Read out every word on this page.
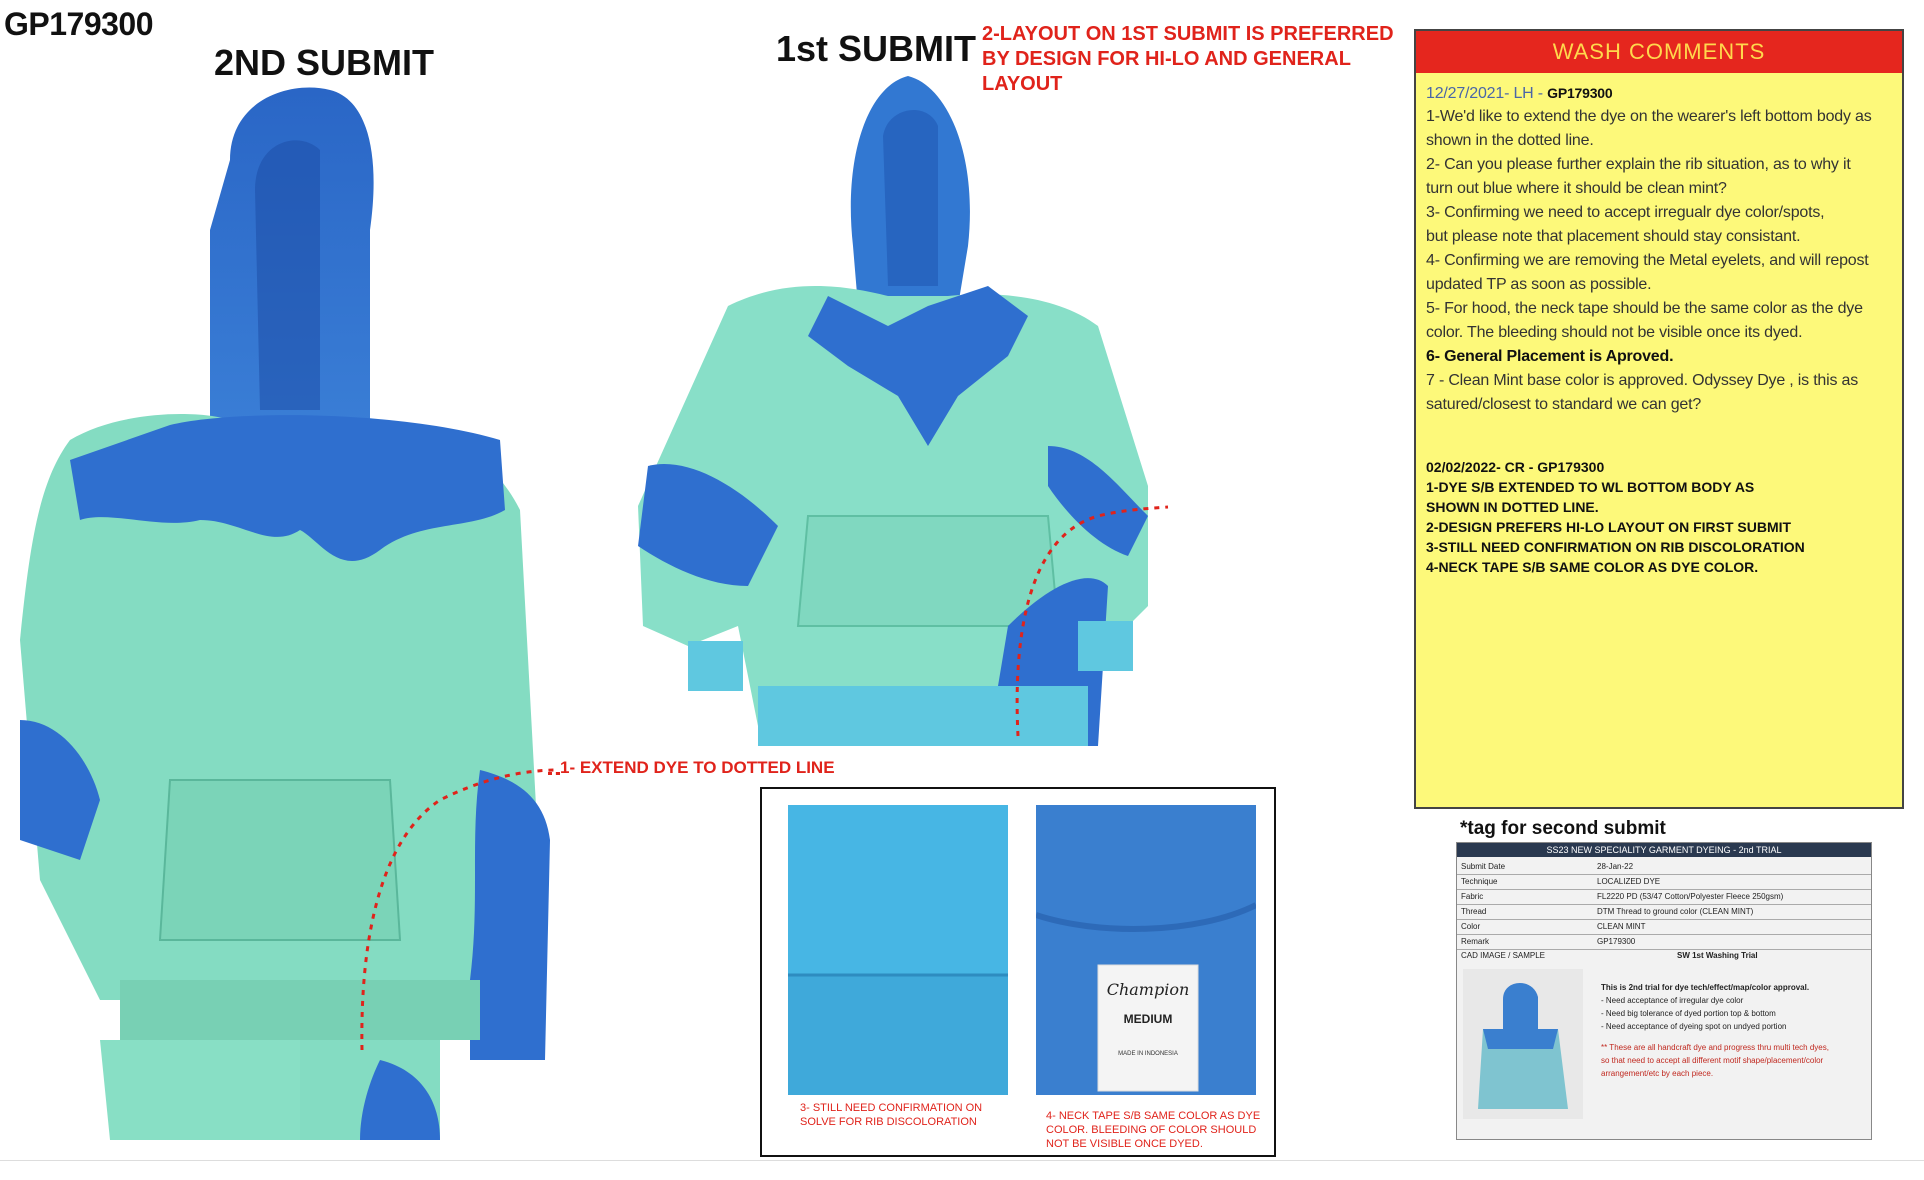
GP179300
2ND SUBMIT	1st SUBMIT 2-LAYOUT ON 1ST SUBMIT IS PREFERRED BY DESIGN FOR HI-LO AND GENERAL LAYOUT
1- EXTEND DYE TO DOTTED LINE
3- STILL NEED CONFIRMATION ON SOLVE FOR RIB DISCOLORATION
Champion
MEDIUM
MADE IN INDONESIA
4- NECK TAPE S/B SAME COLOR AS DYE COLOR. BLEEDING OF COLOR SHOULD NOT BE VISIBLE ONCE DYED.
WASH COMMENTS
12/27/2021- LH - GP179300
1-We'd like to extend the dye on the wearer's left bottom body as
shown in the dotted line.
2- Can you please further explain the rib situation, as to why it
turn out blue where it should be clean mint?
3- Confirming we need to accept irregualr dye color/spots,
but please note that placement should stay consistant.
4- Confirming we are removing the Metal eyelets, and will repost
updated TP as soon as possible.
5- For hood, the neck tape should be the same color as the dye
color. The bleeding should not be visible once its dyed.
6- General Placement is Aproved.
7 - Clean Mint base color is approved. Odyssey Dye , is this as
satured/closest to standard we can get?
02/02/2022- CR - GP179300
1-DYE S/B EXTENDED TO WL BOTTOM BODY AS
SHOWN IN DOTTED LINE.
2-DESIGN PREFERS HI-LO LAYOUT ON FIRST SUBMIT
3-STILL NEED CONFIRMATION ON RIB DISCOLORATION
4-NECK TAPE S/B SAME COLOR AS DYE COLOR.
*tag for second submit
SS23 NEW SPECIALITY GARMENT DYEING - 2nd TRIAL
Submit Date	28-Jan-22
Technique	LOCALIZED DYE
Fabric	FL2220 PD (53/47 Cotton/Polyester Fleece 250gsm)
Thread	DTM Thread to ground color (CLEAN MINT)
Color	CLEAN MINT
Remark	GP179300
CAD IMAGE / SAMPLE	SW 1st Washing Trial
This is 2nd trial for dye tech/effect/map/color approval.
- Need acceptance of irregular dye color
- Need big tolerance of dyed portion top & bottom
- Need acceptance of dyeing spot on undyed portion
** These are all handcraft dye and progress thru multi tech dyes,
so that need to accept all different motif shape/placement/color
arrangement/etc by each piece.
